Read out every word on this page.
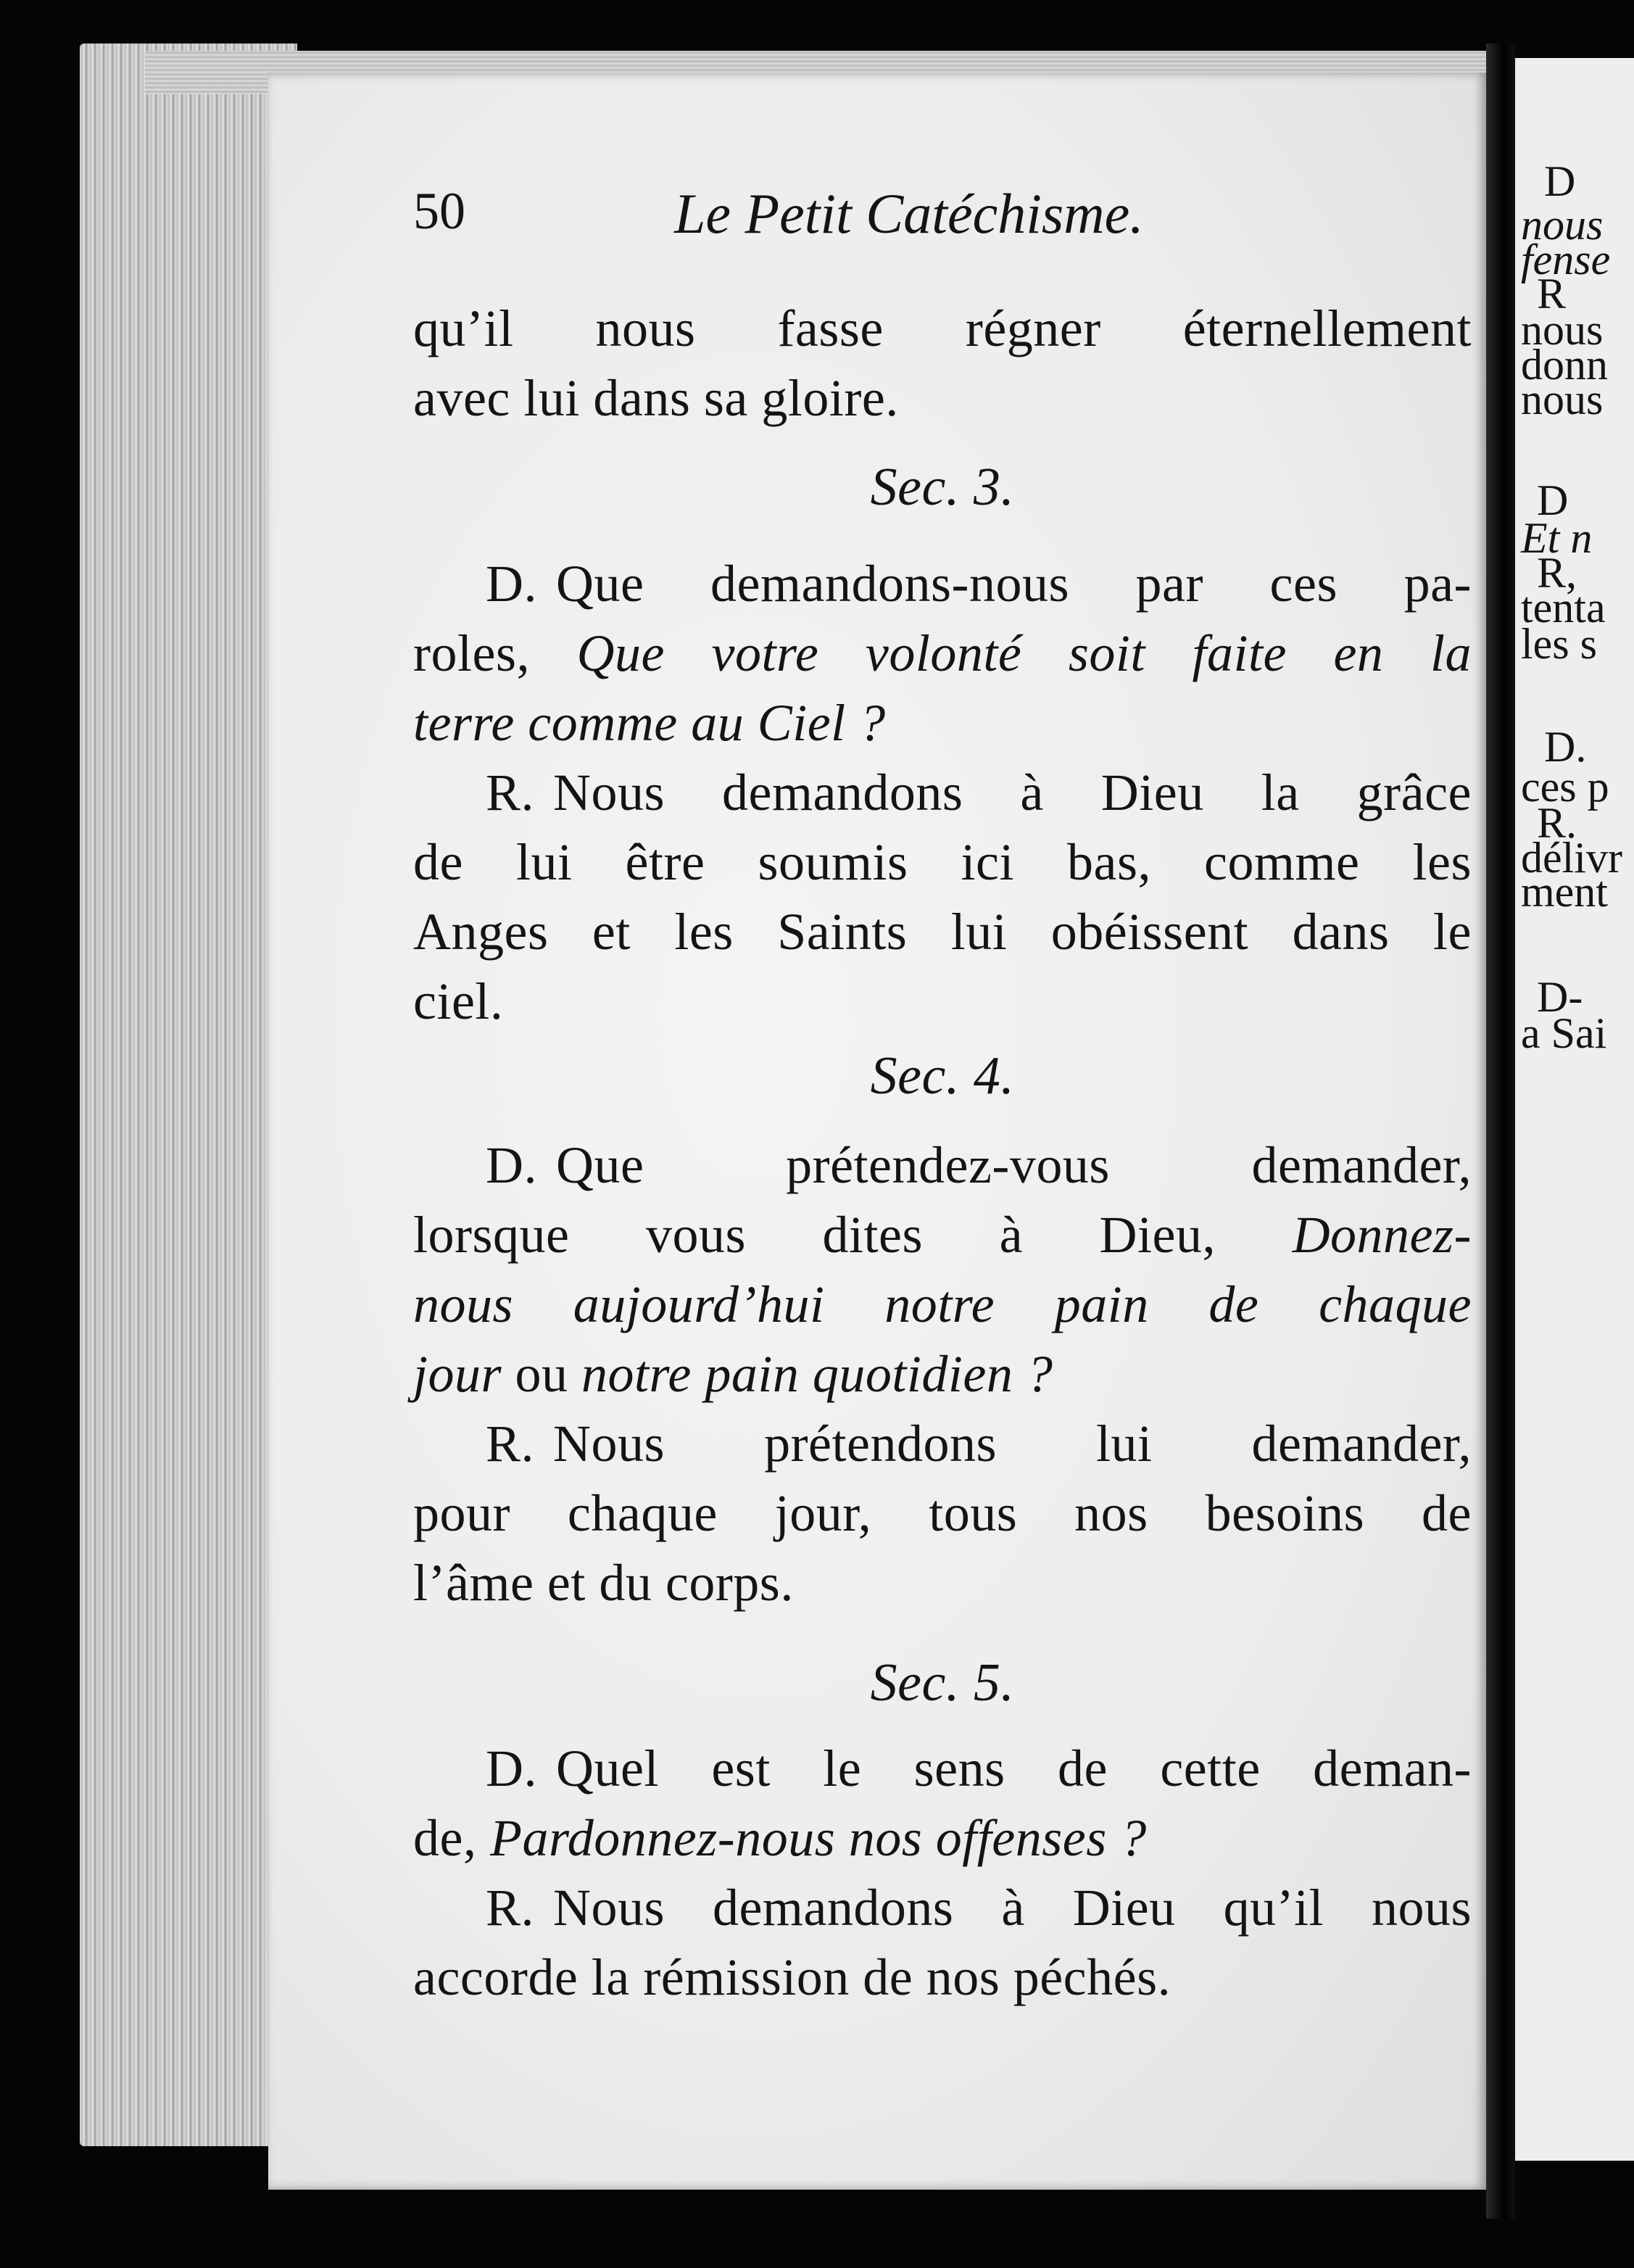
D
nous
fense
R
nous
donn
nous
D
Et n
R,
tenta
les s
D.
ces p
R.
délivr
ment
D-
a Sai
50	Le Petit Catéchisme.
qu’il nous fasse régner éternellement
avec lui dans sa gloire.
Sec. 3.
D. Que demandons-nous par ces pa-
roles, Que votre volonté soit faite en la
terre comme au Ciel ?
R. Nous demandons à Dieu la grâce
de lui être soumis ici bas, comme les
Anges et les Saints lui obéissent dans le
ciel.
Sec. 4.
D. Que prétendez-vous demander,
lorsque vous dites à Dieu, Donnez-
nous aujourd’hui notre pain de chaque
jour ou notre pain quotidien ?
R. Nous prétendons lui demander,
pour chaque jour, tous nos besoins de
l’âme et du corps.
Sec. 5.
D. Quel est le sens de cette deman-
de, Pardonnez-nous nos offenses ?
R. Nous demandons à Dieu qu’il nous
accorde la rémission de nos péchés.
